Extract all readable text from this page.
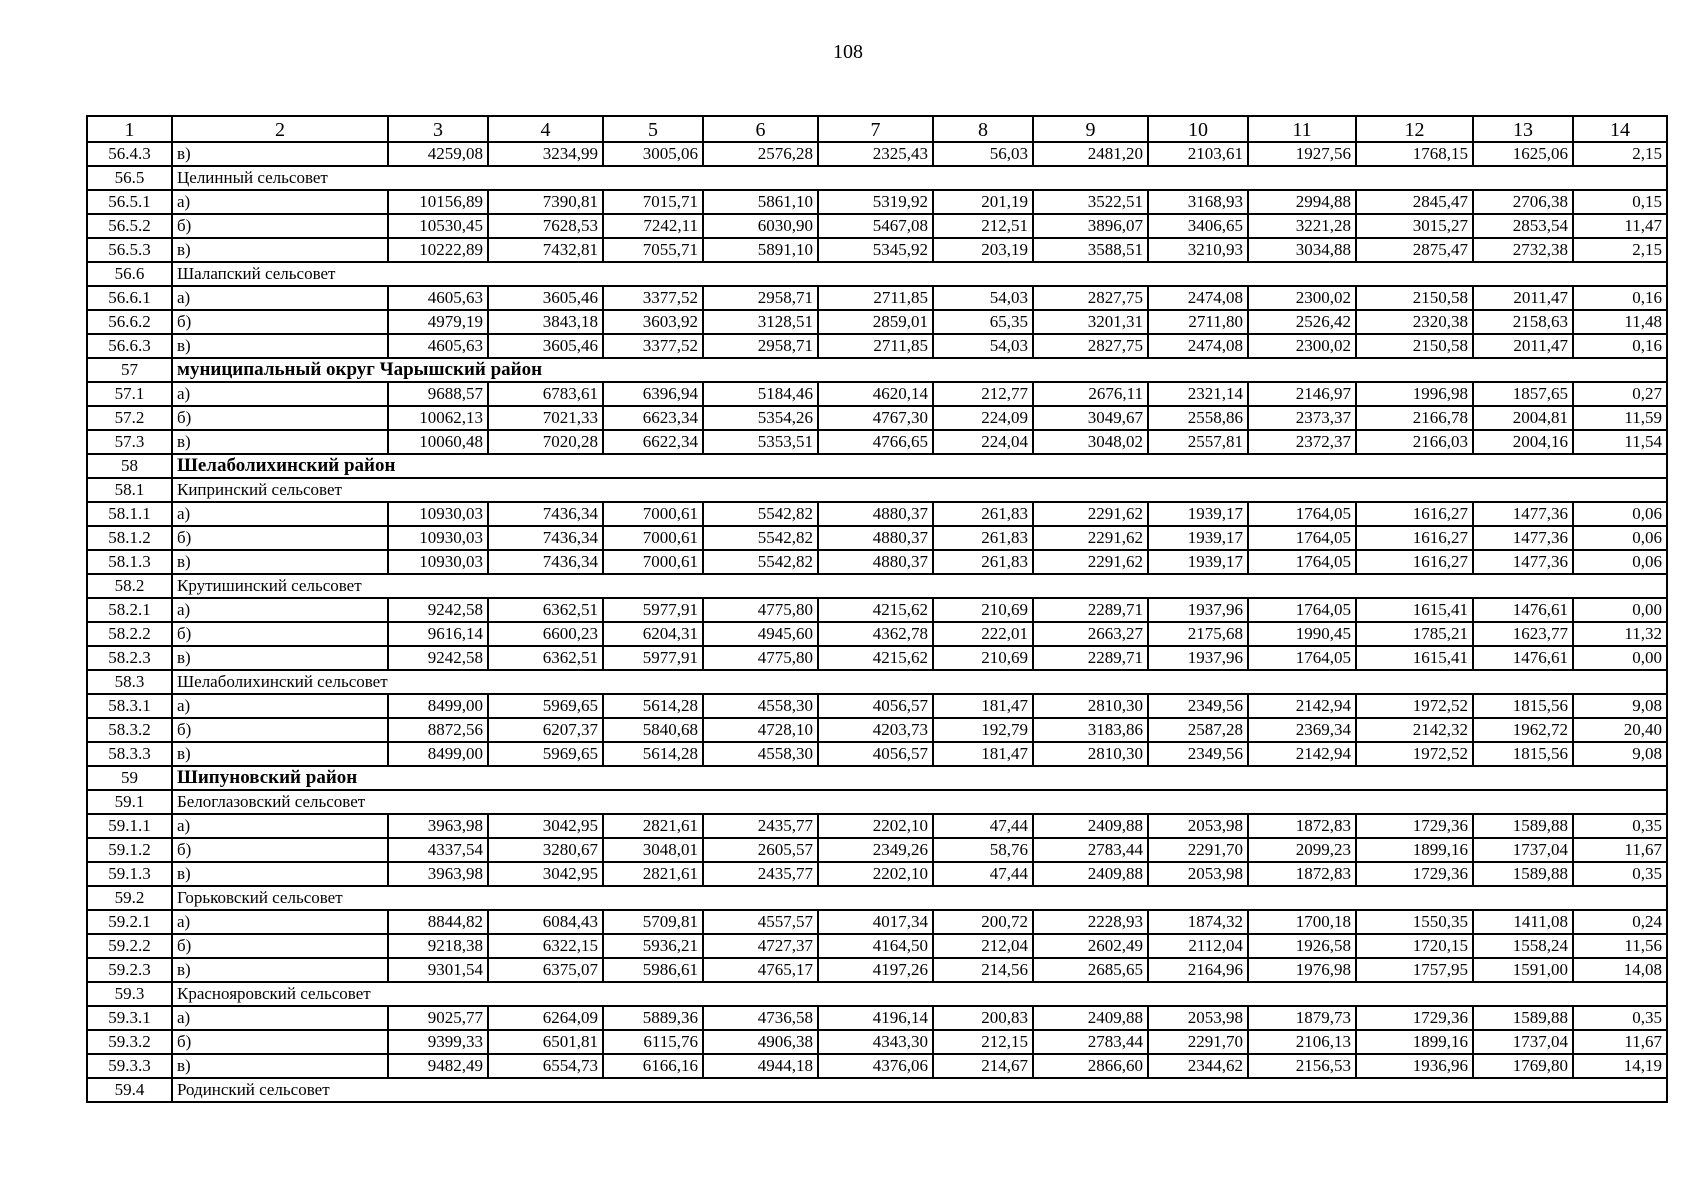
108
1	2	3	4	5	6	7	8	9	10	11	12	13	14
56.4.3	в)	4259,08	3234,99	3005,06	2576,28	2325,43	56,03	2481,20	2103,61	1927,56	1768,15	1625,06	2,15
56.5	Целинный сельсовет												
56.5.1	а)	10156,89	7390,81	7015,71	5861,10	5319,92	201,19	3522,51	3168,93	2994,88	2845,47	2706,38	0,15
56.5.2	б)	10530,45	7628,53	7242,11	6030,90	5467,08	212,51	3896,07	3406,65	3221,28	3015,27	2853,54	11,47
56.5.3	в)	10222,89	7432,81	7055,71	5891,10	5345,92	203,19	3588,51	3210,93	3034,88	2875,47	2732,38	2,15
56.6	Шалапский сельсовет												
56.6.1	а)	4605,63	3605,46	3377,52	2958,71	2711,85	54,03	2827,75	2474,08	2300,02	2150,58	2011,47	0,16
56.6.2	б)	4979,19	3843,18	3603,92	3128,51	2859,01	65,35	3201,31	2711,80	2526,42	2320,38	2158,63	11,48
56.6.3	в)	4605,63	3605,46	3377,52	2958,71	2711,85	54,03	2827,75	2474,08	2300,02	2150,58	2011,47	0,16
57	муниципальный округ Чарышский район												
57.1	а)	9688,57	6783,61	6396,94	5184,46	4620,14	212,77	2676,11	2321,14	2146,97	1996,98	1857,65	0,27
57.2	б)	10062,13	7021,33	6623,34	5354,26	4767,30	224,09	3049,67	2558,86	2373,37	2166,78	2004,81	11,59
57.3	в)	10060,48	7020,28	6622,34	5353,51	4766,65	224,04	3048,02	2557,81	2372,37	2166,03	2004,16	11,54
58	Шелаболихинский район												
58.1	Кипринский сельсовет												
58.1.1	а)	10930,03	7436,34	7000,61	5542,82	4880,37	261,83	2291,62	1939,17	1764,05	1616,27	1477,36	0,06
58.1.2	б)	10930,03	7436,34	7000,61	5542,82	4880,37	261,83	2291,62	1939,17	1764,05	1616,27	1477,36	0,06
58.1.3	в)	10930,03	7436,34	7000,61	5542,82	4880,37	261,83	2291,62	1939,17	1764,05	1616,27	1477,36	0,06
58.2	Крутишинский сельсовет												
58.2.1	а)	9242,58	6362,51	5977,91	4775,80	4215,62	210,69	2289,71	1937,96	1764,05	1615,41	1476,61	0,00
58.2.2	б)	9616,14	6600,23	6204,31	4945,60	4362,78	222,01	2663,27	2175,68	1990,45	1785,21	1623,77	11,32
58.2.3	в)	9242,58	6362,51	5977,91	4775,80	4215,62	210,69	2289,71	1937,96	1764,05	1615,41	1476,61	0,00
58.3	Шелаболихинский сельсовет												
58.3.1	а)	8499,00	5969,65	5614,28	4558,30	4056,57	181,47	2810,30	2349,56	2142,94	1972,52	1815,56	9,08
58.3.2	б)	8872,56	6207,37	5840,68	4728,10	4203,73	192,79	3183,86	2587,28	2369,34	2142,32	1962,72	20,40
58.3.3	в)	8499,00	5969,65	5614,28	4558,30	4056,57	181,47	2810,30	2349,56	2142,94	1972,52	1815,56	9,08
59	Шипуновский район												
59.1	Белоглазовский сельсовет												
59.1.1	а)	3963,98	3042,95	2821,61	2435,77	2202,10	47,44	2409,88	2053,98	1872,83	1729,36	1589,88	0,35
59.1.2	б)	4337,54	3280,67	3048,01	2605,57	2349,26	58,76	2783,44	2291,70	2099,23	1899,16	1737,04	11,67
59.1.3	в)	3963,98	3042,95	2821,61	2435,77	2202,10	47,44	2409,88	2053,98	1872,83	1729,36	1589,88	0,35
59.2	Горьковский сельсовет												
59.2.1	а)	8844,82	6084,43	5709,81	4557,57	4017,34	200,72	2228,93	1874,32	1700,18	1550,35	1411,08	0,24
59.2.2	б)	9218,38	6322,15	5936,21	4727,37	4164,50	212,04	2602,49	2112,04	1926,58	1720,15	1558,24	11,56
59.2.3	в)	9301,54	6375,07	5986,61	4765,17	4197,26	214,56	2685,65	2164,96	1976,98	1757,95	1591,00	14,08
59.3	Краснояровский сельсовет												
59.3.1	а)	9025,77	6264,09	5889,36	4736,58	4196,14	200,83	2409,88	2053,98	1879,73	1729,36	1589,88	0,35
59.3.2	б)	9399,33	6501,81	6115,76	4906,38	4343,30	212,15	2783,44	2291,70	2106,13	1899,16	1737,04	11,67
59.3.3	в)	9482,49	6554,73	6166,16	4944,18	4376,06	214,67	2866,60	2344,62	2156,53	1936,96	1769,80	14,19
59.4	Родинский сельсовет												
